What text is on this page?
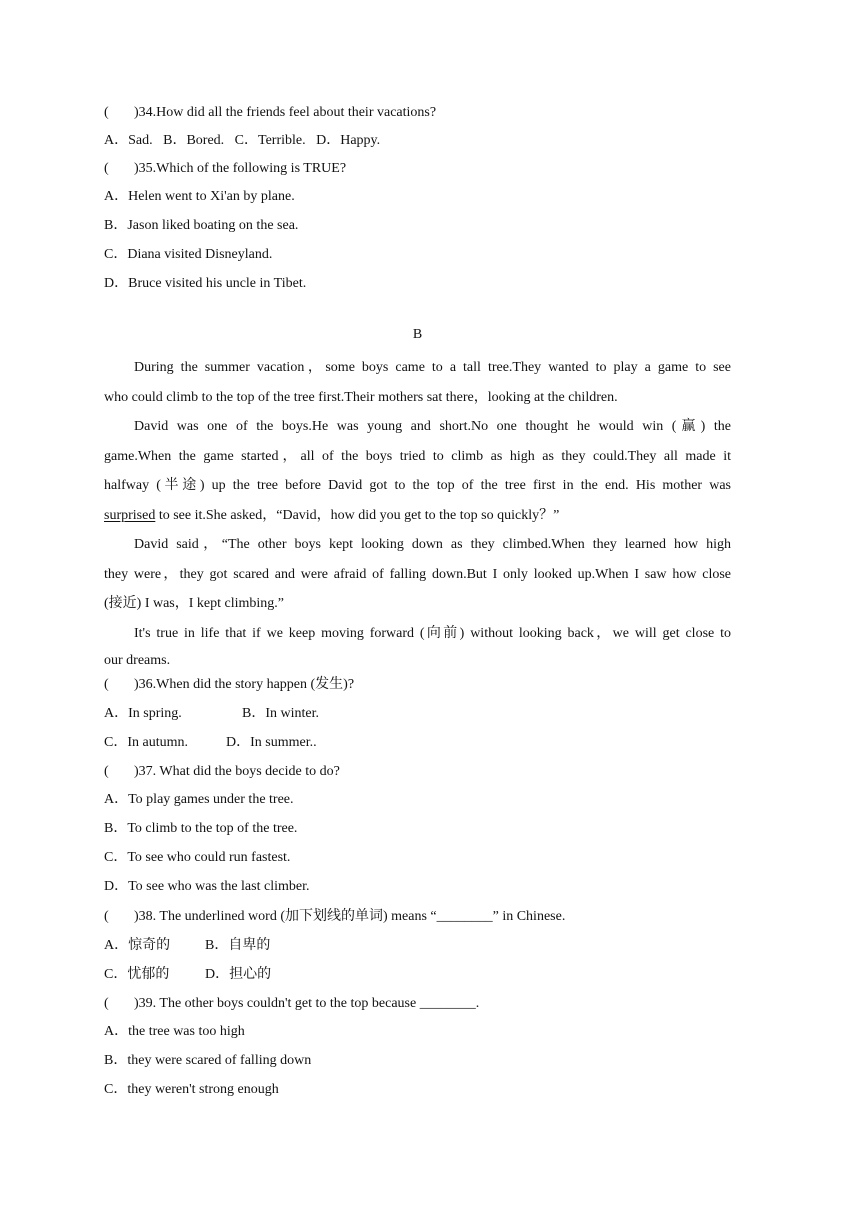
( )34.How did all the friends feel about their vacations?
A．Sad.   B．Bored.   C．Terrible.   D．Happy.
( )35.Which of the following is TRUE?
A．Helen went to Xi'an by plane.
B．Jason liked boating on the sea.
C．Diana visited Disneyland.
D．Bruce visited his uncle in Tibet.
B
During the summer vacation，some boys came to a tall tree.They wanted to play a game to see
who could climb to the top of the tree first.Their mothers sat there，looking at the children.
David was one of the boys.He was young and short.No one thought he would win (赢) the
game.When the game started，all of the boys tried to climb as high as they could.They all made it
halfway (半途) up the tree before David got to the top of the tree first in the end. His mother was
surprised to see it.She asked，“David，how did you get to the top so quickly？”
David said，“The other boys kept looking down as they climbed.When they learned how high
they were，they got scared and were afraid of falling down.But I only looked up.When I saw how close
(接近) I was，I kept climbing.”
It's true in life that if we keep moving forward (向前) without looking back，we will get close to
our dreams.
( )36.When did the story happen (发生)?
A．In spring.	B．In winter.
C．In autumn.	D．In summer..
( )37. What did the boys decide to do?
A．To play games under the tree.
B．To climb to the top of the tree.
C．To see who could run fastest.
D．To see who was the last climber.
( )38. The underlined word (加下划线的单词) means “________” in Chinese.
A．惊奇的 B．自卑的
C．忧郁的	D．担心的
( )39. The other boys couldn't get to the top because ________.
A．the tree was too high
B．they were scared of falling down
C．they weren't strong enough
